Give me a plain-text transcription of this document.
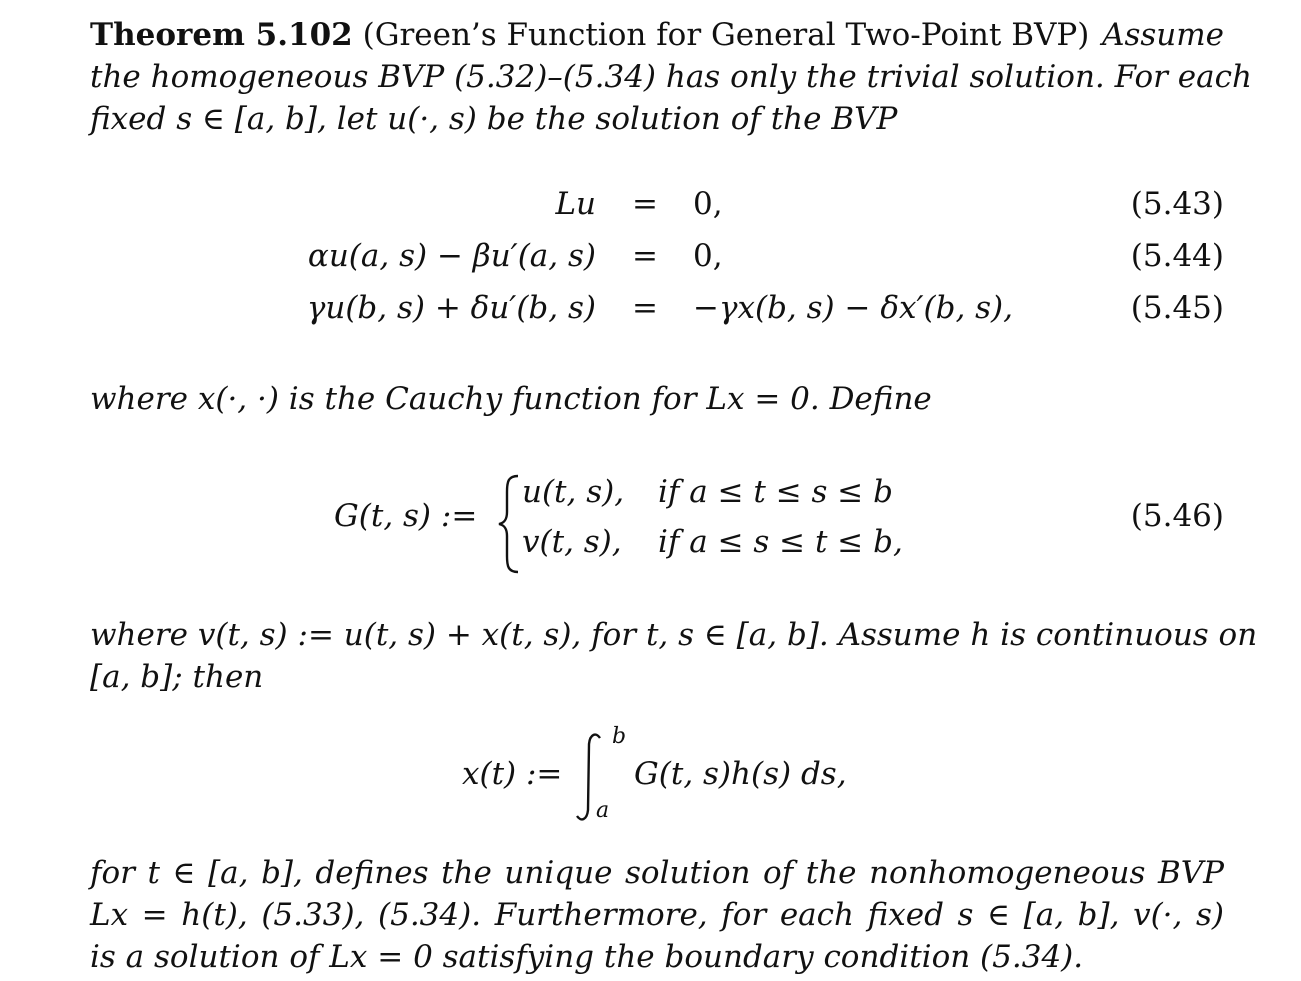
Theorem 5.102 (Green’s Function for General Two-Point BVP) Assume
the homogeneous BVP (5.32)–(5.34) has only the trivial solution. For each
fixed s ∈ [a, b], let u(·, s) be the solution of the BVP
Lu = 0,	(5.43)
αu(a, s) − βu′(a, s) = 0,	(5.44)
γu(b, s) + δu′(b, s) = −γx(b, s) − δx′(b, s),	(5.45)
where x(·, ·) is the Cauchy function for Lx = 0. Define
G(t, s) :=
u(t, s), if a ≤ t ≤ s ≤ b
v(t, s), if a ≤ s ≤ t ≤ b,
(5.46)
where v(t, s) := u(t, s) + x(t, s), for t, s ∈ [a, b]. Assume h is continuous on
[a, b]; then
x(t) :=
b
a
G(t, s)h(s) ds,
for t ∈ [a, b], defines the unique solution of the nonhomogeneous BVP
Lx = h(t), (5.33), (5.34). Furthermore, for each fixed s ∈ [a, b], v(·, s)
is a solution of Lx = 0 satisfying the boundary condition (5.34).
